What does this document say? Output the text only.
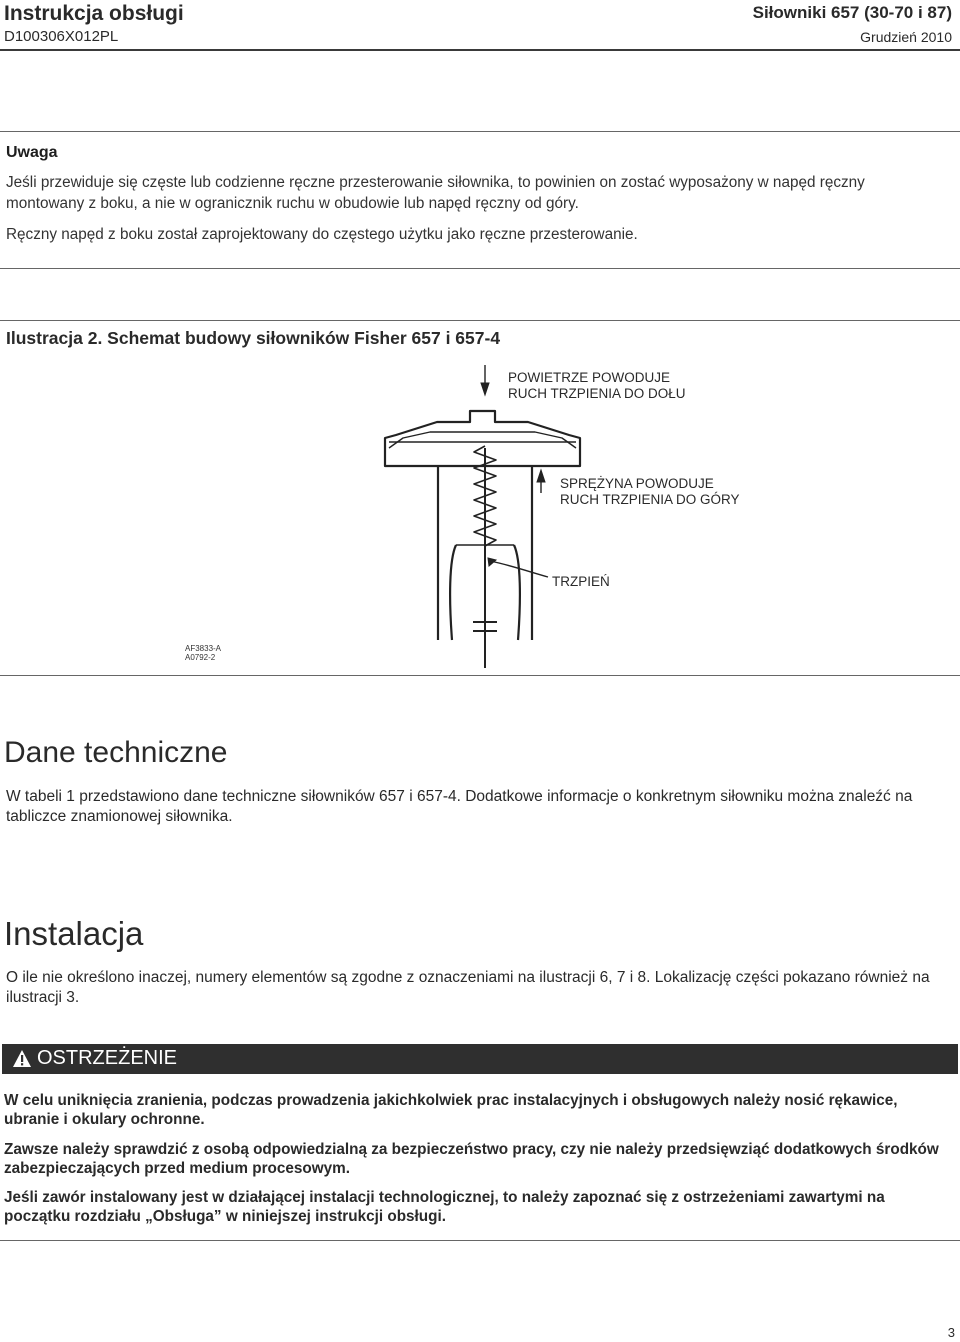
Instrukcja obsługi
D100306X012PL
Siłowniki 657 (30-70 i 87)
Grudzień 2010
Uwaga
Jeśli przewiduje się częste lub codzienne ręczne przesterowanie siłownika, to powinien on zostać wyposażony w napęd ręczny montowany z boku, a nie w ogranicznik ruchu w obudowie lub napęd ręczny od góry.
Ręczny napęd z boku został zaprojektowany do częstego użytku jako ręczne przesterowanie.
Ilustracja 2. Schemat budowy siłowników Fisher 657 i 657-4
POWIETRZE POWODUJE
RUCH TRZPIENIA DO DOŁU
SPRĘŻYNA POWODUJE
RUCH TRZPIENIA DO GÓRY
TRZPIEŃ
AF3833-A
A0792-2
Dane techniczne
W tabeli 1 przedstawiono dane techniczne siłowników 657 i 657-4. Dodatkowe informacje o konkretnym siłowniku można znaleźć na tabliczce znamionowej siłownika.
Instalacja
O ile nie określono inaczej, numery elementów są zgodne z oznaczeniami na ilustracji 6, 7 i 8. Lokalizację części pokazano również na ilustracji 3.
OSTRZEŻENIE
W celu uniknięcia zranienia, podczas prowadzenia jakichkolwiek prac instalacyjnych i obsługowych należy nosić rękawice, ubranie i okulary ochronne.
Zawsze należy sprawdzić z osobą odpowiedzialną za bezpieczeństwo pracy, czy nie należy przedsięwziąć dodatkowych środków zabezpieczających przed medium procesowym.
Jeśli zawór instalowany jest w działającej instalacji technologicznej, to należy zapoznać się z ostrzeżeniami zawartymi na początku rozdziału „Obsługa” w niniejszej instrukcji obsługi.
3
